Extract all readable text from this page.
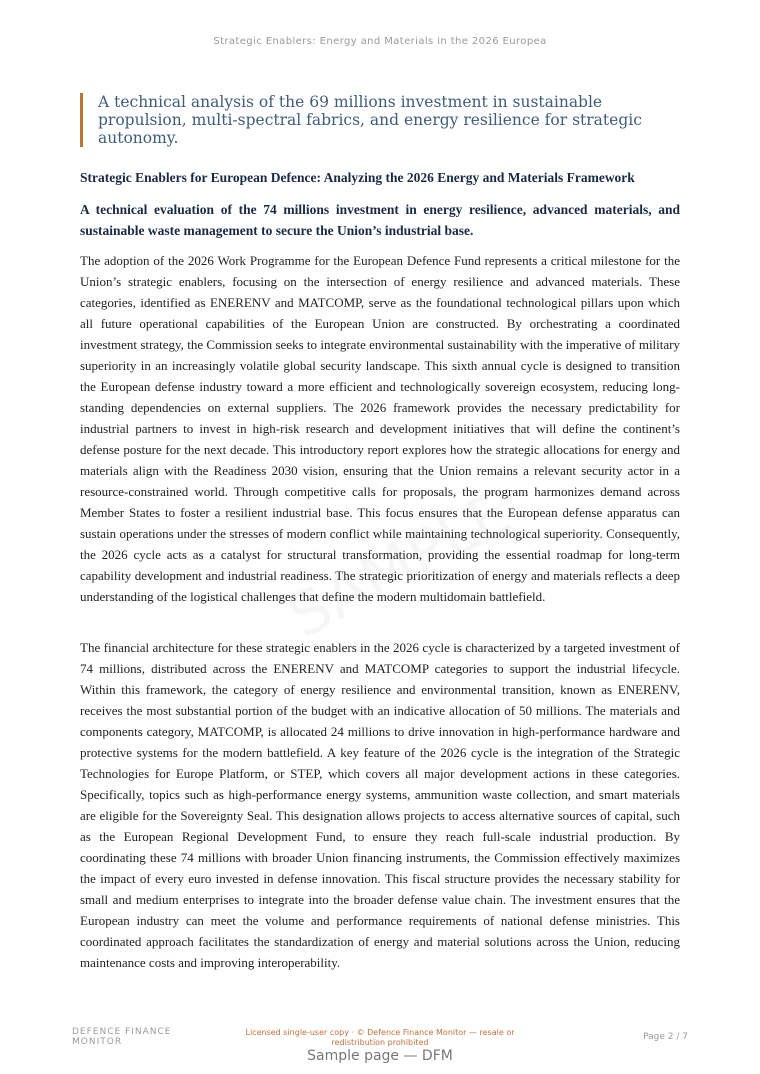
Strategic Enablers: Energy and Materials in the 2026 Europea
A technical analysis of the 69 millions investment in sustainable propulsion, multi-spectral fabrics, and energy resilience for strategic autonomy.
Strategic Enablers for European Defence: Analyzing the 2026 Energy and Materials Framework
A technical evaluation of the 74 millions investment in energy resilience, advanced materials, and sustainable waste management to secure the Union’s industrial base.

The adoption of the 2026 Work Programme for the European Defence Fund represents a critical milestone for the Union’s strategic enablers, focusing on the intersection of energy resilience and advanced materials. These categories, identified as ENERENV and MATCOMP, serve as the foundational technological pillars upon which all future operational capabilities of the European Union are constructed. By orchestrating a coordinated investment strategy, the Commission seeks to integrate environmental sustainability with the imperative of military superiority in an increasingly volatile global security landscape. This sixth annual cycle is designed to transition the European defense industry toward a more efficient and technologically sovereign ecosystem, reducing long-standing dependencies on external suppliers. The 2026 framework provides the necessary predictability for industrial partners to invest in high-risk research and development initiatives that will define the continent’s defense posture for the next decade. This introductory report explores how the strategic allocations for energy and materials align with the Readiness 2030 vision, ensuring that the Union remains a relevant security actor in a resource-constrained world. Through competitive calls for proposals, the program harmonizes demand across Member States to foster a resilient industrial base. This focus ensures that the European defense apparatus can sustain operations under the stresses of modern conflict while maintaining technological superiority. Consequently, the 2026 cycle acts as a catalyst for structural transformation, providing the essential roadmap for long-term capability development and industrial readiness. The strategic prioritization of energy and materials reflects a deep understanding of the logistical challenges that define the modern multidomain battlefield.

The financial architecture for these strategic enablers in the 2026 cycle is characterized by a targeted investment of 74 millions, distributed across the ENERENV and MATCOMP categories to support the industrial lifecycle. Within this framework, the category of energy resilience and environmental transition, known as ENERENV, receives the most substantial portion of the budget with an indicative allocation of 50 millions. The materials and components category, MATCOMP, is allocated 24 millions to drive innovation in high-performance hardware and protective systems for the modern battlefield. A key feature of the 2026 cycle is the integration of the Strategic Technologies for Europe Platform, or STEP, which covers all major development actions in these categories. Specifically, topics such as high-performance energy systems, ammunition waste collection, and smart materials are eligible for the Sovereignty Seal. This designation allows projects to access alternative sources of capital, such as the European Regional Development Fund, to ensure they reach full-scale industrial production. By coordinating these 74 millions with broader Union financing instruments, the Commission effectively maximizes the impact of every euro invested in defense innovation. This fiscal structure provides the necessary stability for small and medium enterprises to integrate into the broader defense value chain. The investment ensures that the European industry can meet the volume and performance requirements of national defense ministries. This coordinated approach facilitates the standardization of energy and material solutions across the Union, reducing maintenance costs and improving interoperability.

DEFENCE FINANCE MONITOR
Licensed single-user copy · © Defence Finance Monitor — resale or redistribution prohibited	Page 2 / 7
Sample page — DFM
